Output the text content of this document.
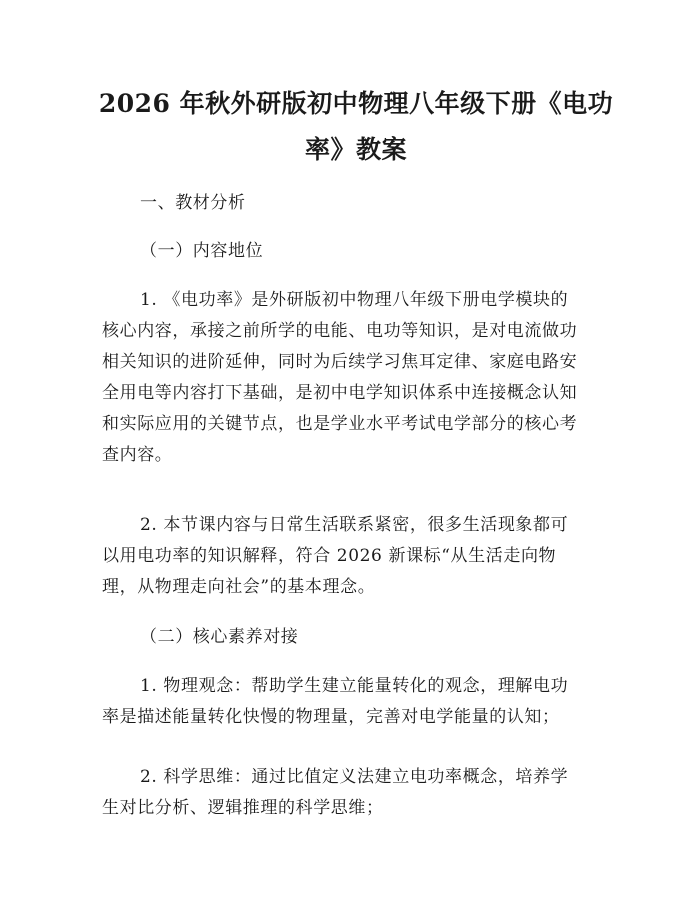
2026 年秋外研版初中物理八年级下册《电功
率》教案
一、教材分析
（一）内容地位
1. 《电功率》是外研版初中物理八年级下册电学模块的
核心内容，承接之前所学的电能、电功等知识，是对电流做功
相关知识的进阶延伸，同时为后续学习焦耳定律、家庭电路安
全用电等内容打下基础，是初中电学知识体系中连接概念认知
和实际应用的关键节点，也是学业水平考试电学部分的核心考
查内容。
2. 本节课内容与日常生活联系紧密，很多生活现象都可
以用电功率的知识解释，符合 2026 新课标“从生活走向物
理，从物理走向社会”的基本理念。
（二）核心素养对接
1. 物理观念：帮助学生建立能量转化的观念，理解电功
率是描述能量转化快慢的物理量，完善对电学能量的认知；
2. 科学思维：通过比值定义法建立电功率概念，培养学
生对比分析、逻辑推理的科学思维；
